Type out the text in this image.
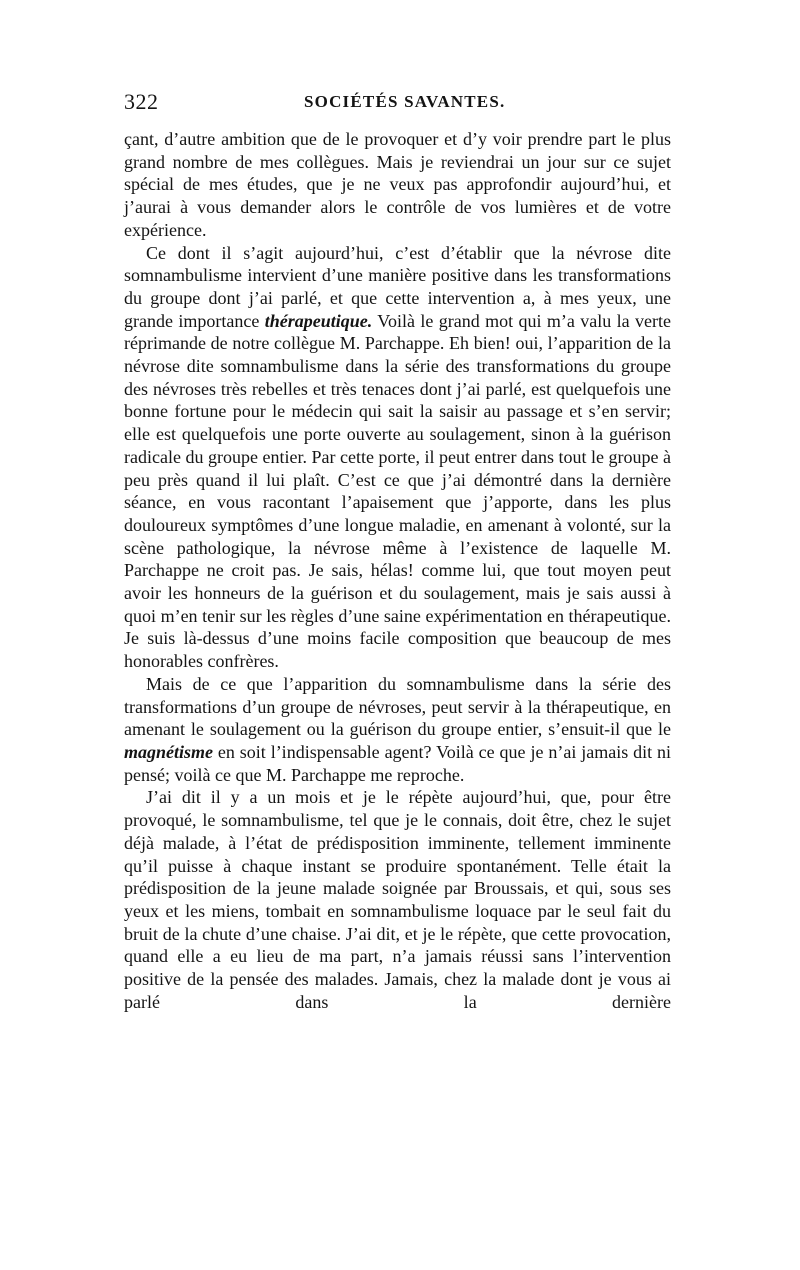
322	SOCIÉTÉS SAVANTES.

çant, d’autre ambition que de le provoquer et d’y voir prendre part le plus grand nombre de mes collègues. Mais je reviendrai un jour sur ce sujet spécial de mes études, que je ne veux pas approfondir aujourd’hui, et j’aurai à vous demander alors le contrôle de vos lumières et de votre expérience.

Ce dont il s’agit aujourd’hui, c’est d’établir que la névrose dite somnambulisme intervient d’une manière positive dans les transformations du groupe dont j’ai parlé, et que cette intervention a, à mes yeux, une grande importance thérapeutique. Voilà le grand mot qui m’a valu la verte réprimande de notre collègue M. Parchappe. Eh bien! oui, l’apparition de la névrose dite somnambulisme dans la série des transformations du groupe des névroses très rebelles et très tenaces dont j’ai parlé, est quelquefois une bonne fortune pour le médecin qui sait la saisir au passage et s’en servir; elle est quelquefois une porte ouverte au soulagement, sinon à la guérison radicale du groupe entier. Par cette porte, il peut entrer dans tout le groupe à peu près quand il lui plaît. C’est ce que j’ai démontré dans la dernière séance, en vous racontant l’apaisement que j’apporte, dans les plus douloureux symptômes d’une longue maladie, en amenant à volonté, sur la scène pathologique, la névrose même à l’existence de laquelle M. Parchappe ne croit pas. Je sais, hélas! comme lui, que tout moyen peut avoir les honneurs de la guérison et du soulagement, mais je sais aussi à quoi m’en tenir sur les règles d’une saine expérimentation en thérapeutique. Je suis là-dessus d’une moins facile composition que beaucoup de mes honorables confrères.

Mais de ce que l’apparition du somnambulisme dans la série des transformations d’un groupe de névroses, peut servir à la thérapeutique, en amenant le soulagement ou la guérison du groupe entier, s’ensuit-il que le magnétisme en soit l’indispensable agent? Voilà ce que je n’ai jamais dit ni pensé; voilà ce que M. Parchappe me reproche.

J’ai dit il y a un mois et je le répète aujourd’hui, que, pour être provoqué, le somnambulisme, tel que je le connais, doit être, chez le sujet déjà malade, à l’état de prédisposition imminente, tellement imminente qu’il puisse à chaque instant se produire spontanément. Telle était la prédisposition de la jeune malade soignée par Broussais, et qui, sous ses yeux et les miens, tombait en somnambulisme loquace par le seul fait du bruit de la chute d’une chaise. J’ai dit, et je le répète, que cette provocation, quand elle a eu lieu de ma part, n’a jamais réussi sans l’intervention positive de la pensée des malades. Jamais, chez la malade dont je vous ai parlé dans la dernière
